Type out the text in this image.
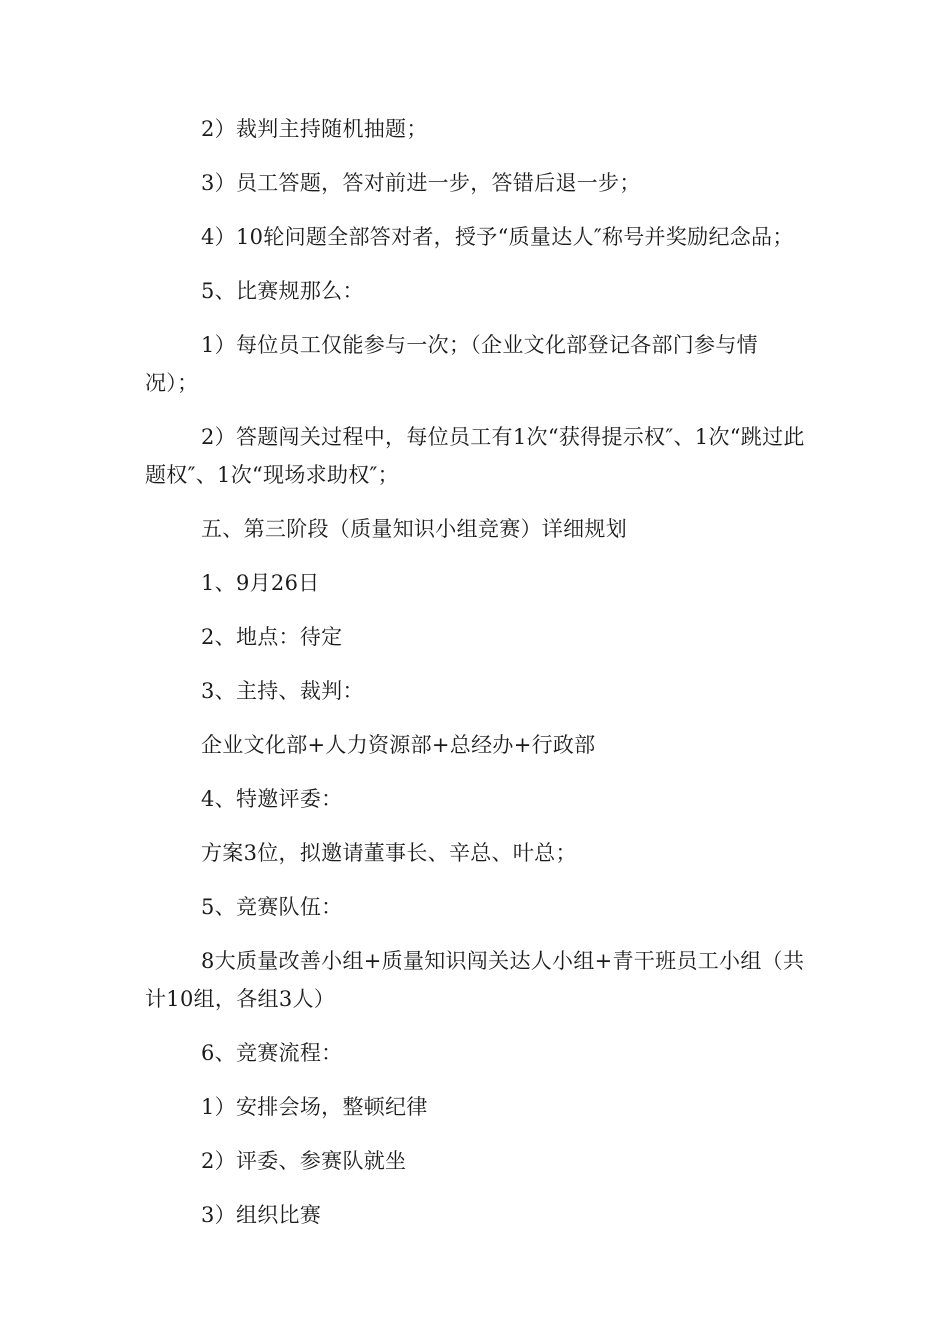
2）裁判主持随机抽题；

3）员工答题，答对前进一步，答错后退一步；

4）10轮问题全部答对者，授予“质量达人″称号并奖励纪念品；

5、比赛规那么：

1）每位员工仅能参与一次；（企业文化部登记各部门参与情况）；

2）答题闯关过程中，每位员工有1次“获得提示权″、1次“跳过此题权″、1次“现场求助权″；

五、第三阶段（质量知识小组竞赛）详细规划

1、9月26日

2、地点：待定

3、主持、裁判：

企业文化部+人力资源部+总经办+行政部

4、特邀评委：

方案3位，拟邀请董事长、辛总、叶总；

5、竞赛队伍：

8大质量改善小组+质量知识闯关达人小组+青干班员工小组（共计10组，各组3人）

6、竞赛流程：

1）安排会场，整顿纪律

2）评委、参赛队就坐

3）组织比赛
